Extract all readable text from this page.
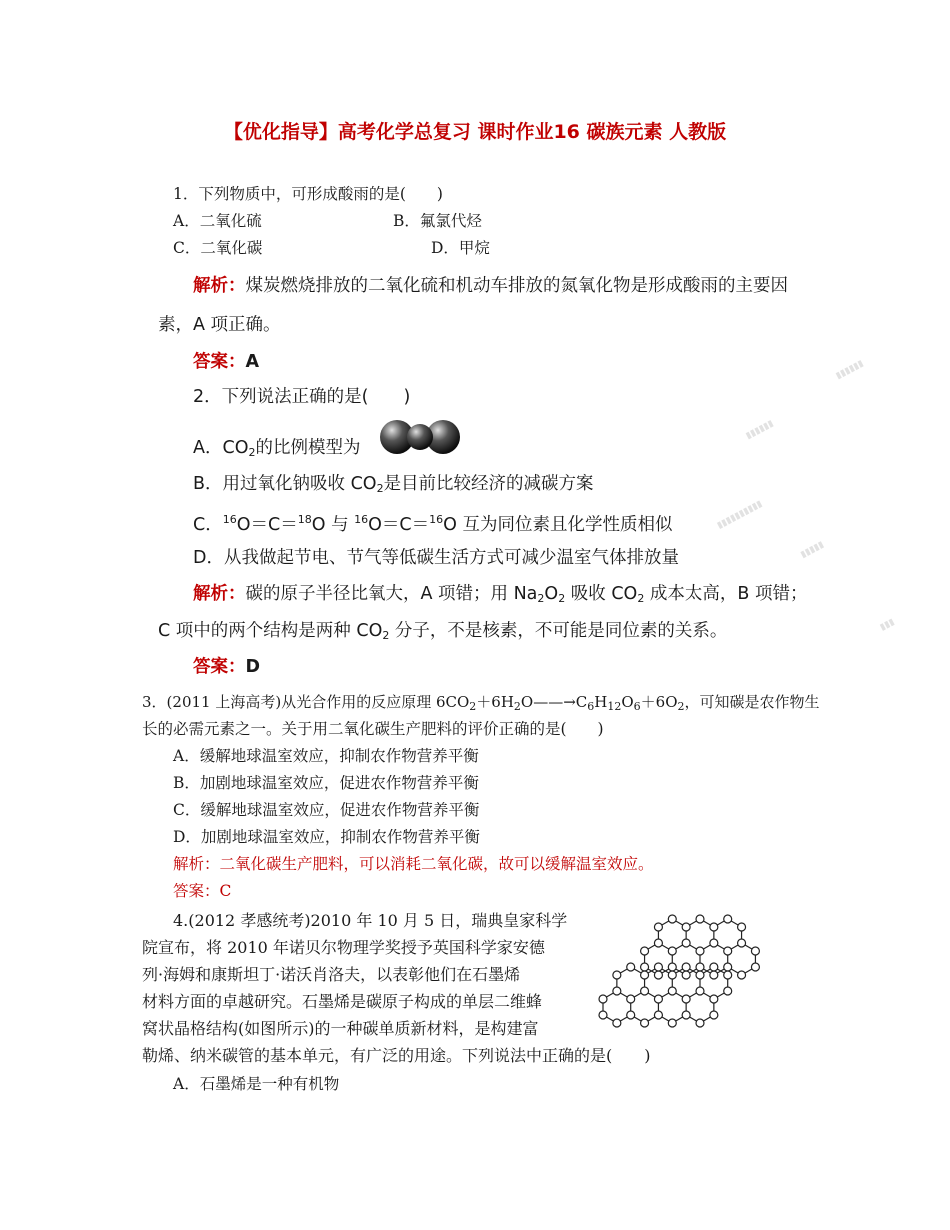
【优化指导】高考化学总复习 课时作业16 碳族元素 人教版
1．下列物质中，可形成酸雨的是(　　)
A．二氧化硫	B．氟氯代烃
C．二氧化碳	D．甲烷
解析：煤炭燃烧排放的二氧化硫和机动车排放的氮氧化物是形成酸雨的主要因
素，A 项正确。
答案：A
2．下列说法正确的是(　　)
A．$CO_2$的比例模型为
B．用过氧化钠吸收 $CO_2$是目前比较经济的减碳方案
C．$^{16}$O＝C＝$^{18}$O 与 $^{16}$O＝C＝$^{16}$O 互为同位素且化学性质相似
D．从我做起节电、节气等低碳生活方式可减少温室气体排放量
解析：碳的原子半径比氧大，A 项错；用 $Na_2O_2$ 吸收 $CO_2$ 成本太高，B 项错；
C 项中的两个结构是两种 $CO_2$ 分子，不是核素，不可能是同位素的关系。
答案：D
3．(2011 上海高考)从光合作用的反应原理 $6CO_2+6H_2O——\to C_6H_{12}O_6+6O_2$，可知碳是农作物生
长的必需元素之一。关于用二氧化碳生产肥料的评价正确的是(　　)
A．缓解地球温室效应，抑制农作物营养平衡
B．加剧地球温室效应，促进农作物营养平衡
C．缓解地球温室效应，促进农作物营养平衡
D．加剧地球温室效应，抑制农作物营养平衡
解析：二氧化碳生产肥料，可以消耗二氧化碳，故可以缓解温室效应。
答案：C
4.(2012 孝感统考)2010 年 10 月 5 日，瑞典皇家科学
院宣布，将 2010 年诺贝尔物理学奖授予英国科学家安德
列·海姆和康斯坦丁·诺沃肖洛夫，以表彰他们在石墨烯
材料方面的卓越研究。石墨烯是碳原子构成的单层二维蜂
窝状晶格结构(如图所示)的一种碳单质新材料，是构建富
勒烯、纳米碳管的基本单元，有广泛的用途。下列说法中正确的是(　　)
A．石墨烯是一种有机物
▮▮▮▮▮▮
▮▮▮▮▮▮
▮▮▮▮▮▮▮▮▮▮
▮▮▮▮▮
▮▮▮
